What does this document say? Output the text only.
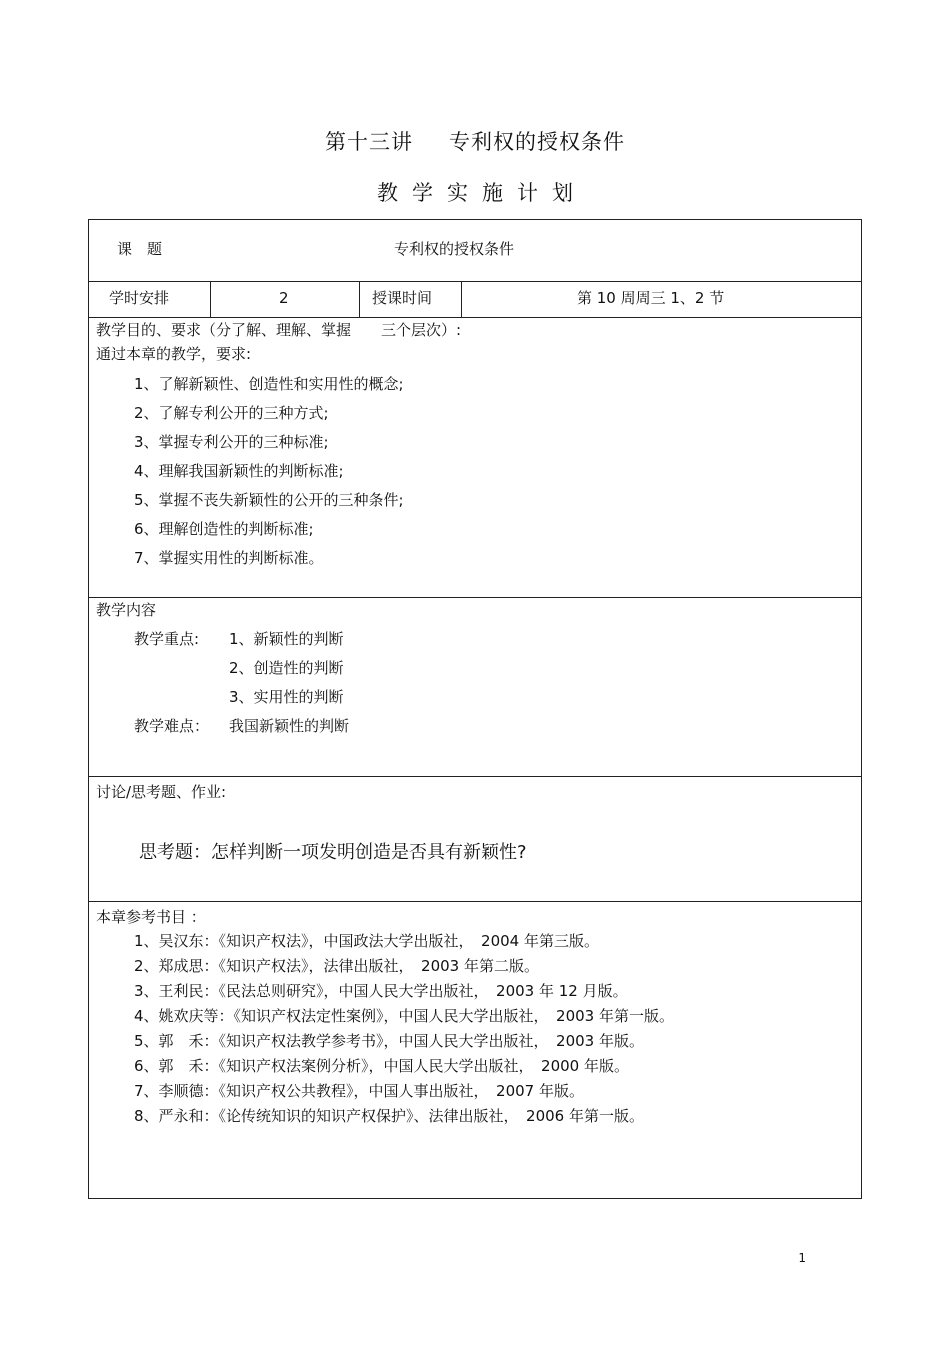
第十三讲 专利权的授权条件
教学实施计划
课　题	专利权的授权条件
学时安排	2	授课时间	第 10 周周三 1、2 节
教学目的、要求（分了解、理解、掌握　　三个层次）:
通过本章的教学，要求:
1、了解新颖性、创造性和实用性的概念;
2、了解专利公开的三种方式;
3、掌握专利公开的三种标准;
4、理解我国新颖性的判断标准;
5、掌握不丧失新颖性的公开的三种条件;
6、理解创造性的判断标准;
7、掌握实用性的判断标准。
教学内容
教学重点: 1、新颖性的判断
2、创造性的判断
3、实用性的判断
教学难点： 我国新颖性的判断
讨论/思考题、作业:
思考题：怎样判断一项发明创造是否具有新颖性?
本章参考书目 ：
1、吴汉东：《知识产权法》，中国政法大学出版社，　2004 年第三版。
2、郑成思：《知识产权法》，法律出版社，　2003 年第二版。
3、王利民：《民法总则研究》，中国人民大学出版社，　2003 年 12 月版。
4、姚欢庆等：《知识产权法定性案例》，中国人民大学出版社，　2003 年第一版。
5、郭　禾：《知识产权法教学参考书》，中国人民大学出版社，　2003 年版。
6、郭　禾：《知识产权法案例分析》，中国人民大学出版社，　2000 年版。
7、李顺德：《知识产权公共教程》，中国人事出版社，　2007 年版。
8、严永和：《论传统知识的知识产权保护》、法律出版社，　2006 年第一版。
1
